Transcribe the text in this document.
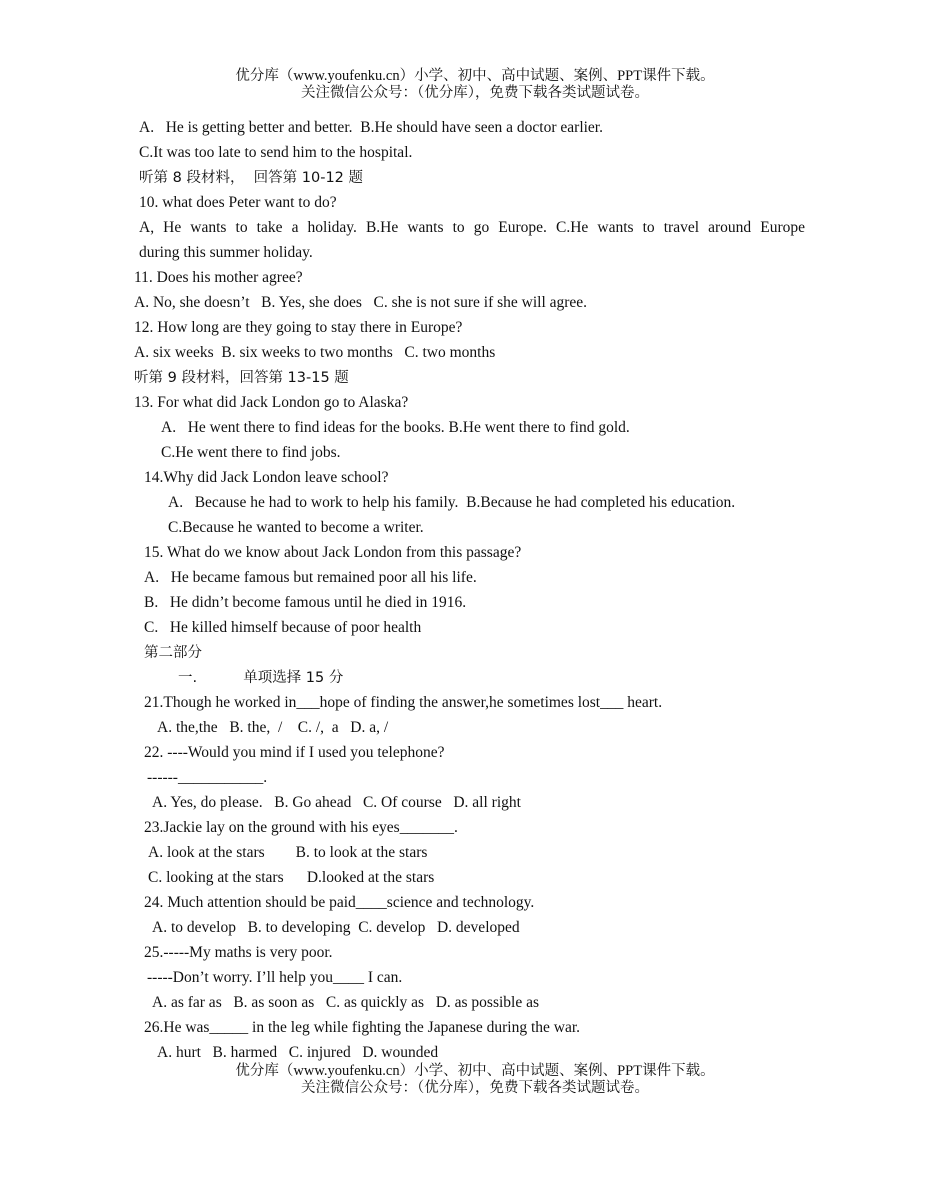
优分库（www.youfenku.cn）小学、初中、高中试题、案例、PPT课件下载。
关注微信公众号：（优分库），免费下载各类试题试卷。
A.   He is getting better and better.  B.He should have seen a doctor earlier.
C.It was too late to send him to the hospital.
听第 8 段材料，  回答第 10-12 题
10. what does Peter want to do?
A, He wants to take a holiday. B.He wants to go Europe. C.He wants to travel around Europe
during this summer holiday.
11. Does his mother agree?
A. No, she doesn’t   B. Yes, she does   C. she is not sure if she will agree.
12. How long are they going to stay there in Europe?
A. six weeks  B. six weeks to two months   C. two months
听第 9 段材料，回答第 13-15 题
13. For what did Jack London go to Alaska?
A.   He went there to find ideas for the books. B.He went there to find gold.
C.He went there to find jobs.
14.Why did Jack London leave school?
A.   Because he had to work to help his family.  B.Because he had completed his education.
C.Because he wanted to become a writer.
15. What do we know about Jack London from this passage?
A.   He became famous but remained poor all his life.
B.   He didn’t become famous until he died in 1916.
C.   He killed himself because of poor health
第二部分
一.          单项选择 15 分
21.Though he worked in___hope of finding the answer,he sometimes lost___ heart.
A. the,the   B. the,  /    C. /,  a   D. a, /
22. ----Would you mind if I used you telephone?
------___________.
A. Yes, do please.   B. Go ahead   C. Of course   D. all right
23.Jackie lay on the ground with his eyes_______.
A. look at the stars        B. to look at the stars
C. looking at the stars      D.looked at the stars
24. Much attention should be paid____science and technology.
A. to develop   B. to developing  C. develop   D. developed
25.-----My maths is very poor.
-----Don’t worry. I’ll help you____ I can.
A. as far as   B. as soon as   C. as quickly as   D. as possible as
26.He was_____ in the leg while fighting the Japanese during the war.
A. hurt   B. harmed   C. injured   D. wounded
优分库（www.youfenku.cn）小学、初中、高中试题、案例、PPT课件下载。
关注微信公众号：（优分库），免费下载各类试题试卷。
